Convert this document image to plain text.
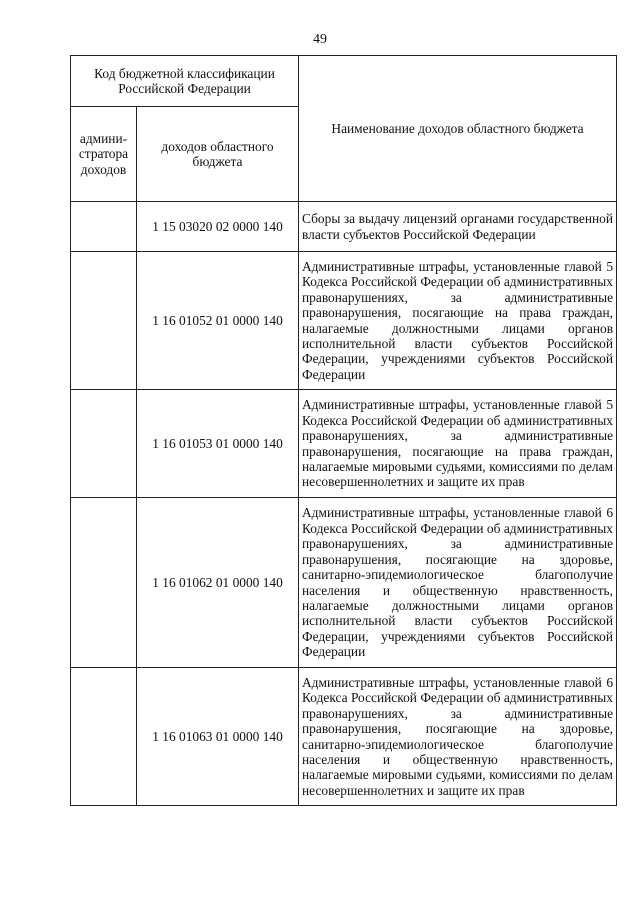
49
Код бюджетной классификации Российской Федерации		Наименование доходов областного бюджета
админи-стратора доходов	доходов областного бюджета	
	1 15 03020 02 0000 140	Сборы за выдачу лицензий органами государственной власти субъектов Российской Федерации
	1 16 01052 01 0000 140	Административные штрафы, установленные главой 5 Кодекса Российской Федерации об административных правонарушениях, за административные правонарушения, посягающие на права граждан, налагаемые должностными лицами органов исполнительной власти субъектов Российской Федерации, учреждениями субъектов Российской Федерации
	1 16 01053 01 0000 140	Административные штрафы, установленные главой 5 Кодекса Российской Федерации об административных правонарушениях, за административные правонарушения, посягающие на права граждан, налагаемые мировыми судьями, комиссиями по делам несовершеннолетних и защите их прав
	1 16 01062 01 0000 140	Административные штрафы, установленные главой 6 Кодекса Российской Федерации об административных правонарушениях, за административные правонарушения, посягающие на здоровье, санитарно-эпидемиологическое благополучие населения и общественную нравственность, налагаемые должностными лицами органов исполнительной власти субъектов Российской Федерации, учреждениями субъектов Российской Федерации
	1 16 01063 01 0000 140	Административные штрафы, установленные главой 6 Кодекса Российской Федерации об административных правонарушениях, за административные правонарушения, посягающие на здоровье, санитарно-эпидемиологическое благополучие населения и общественную нравственность, налагаемые мировыми судьями, комиссиями по делам несовершеннолетних и защите их прав
